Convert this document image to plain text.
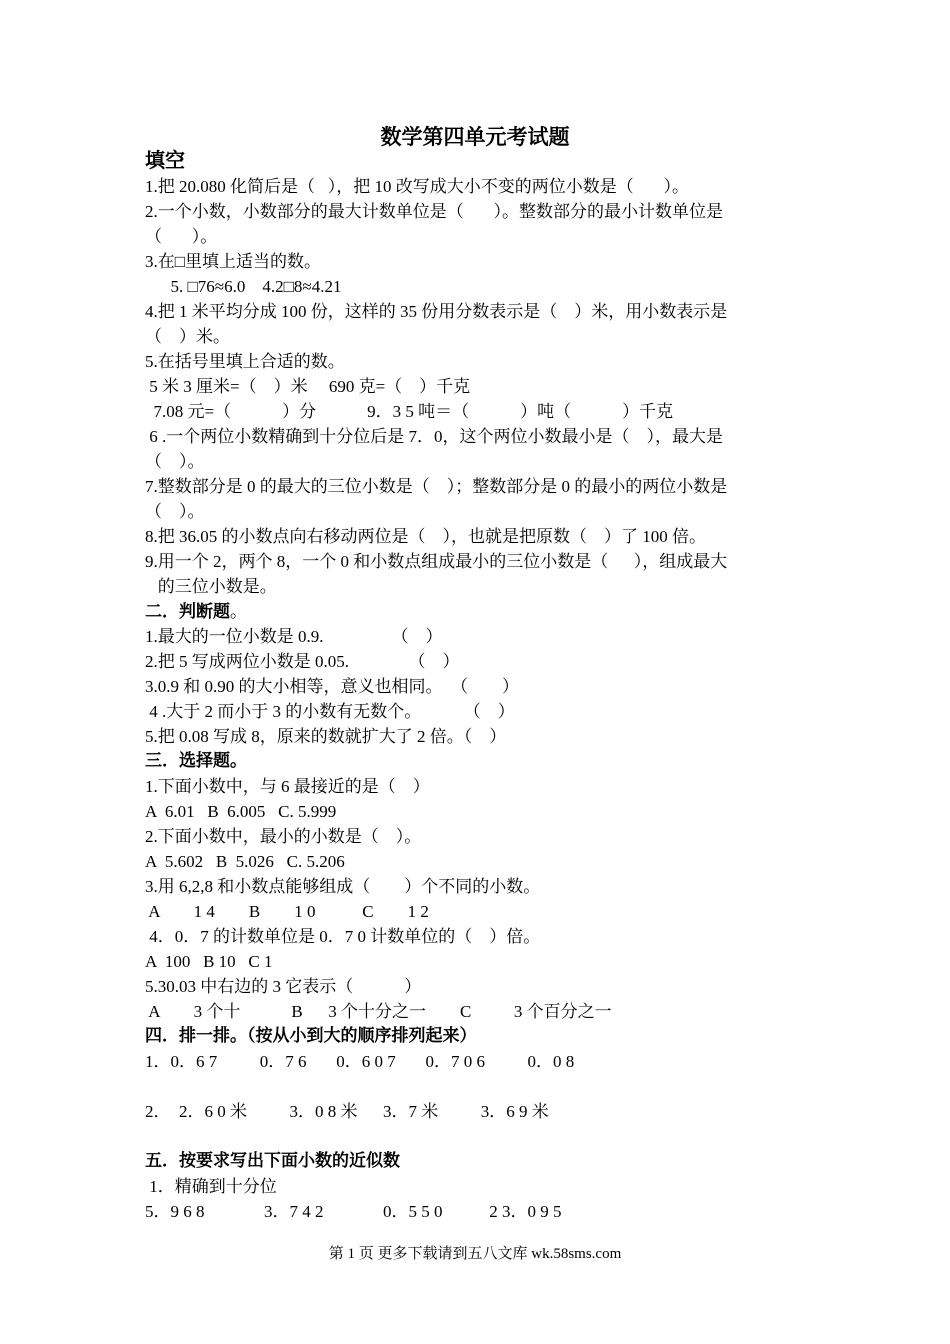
数学第四单元考试题
填空
1.把 20.080 化简后是（   ），把 10 改写成大小不变的两位小数是（       ）。
2.一个小数，小数部分的最大计数单位是（       ）。整数部分的最小计数单位是
（       ）。
3.在□里填上适当的数。
5. □76≈6.0    4.2□8≈4.21
4.把 1 米平均分成 100 份，这样的 35 份用分数表示是（    ）米，用小数表示是
（    ）米。
5.在括号里填上合适的数。
5 米 3 厘米=（    ）米     690 克=（    ）千克
7.08 元=（            ）分            9．3 5 吨＝（            ）吨（            ）千克
6 .一个两位小数精确到十分位后是 7．0，这个两位小数最小是（    ），最大是
（    ）。
7.整数部分是 0 的最大的三位小数是（    ）；整数部分是 0 的最小的两位小数是
（    ）。
8.把 36.05 的小数点向右移动两位是（    ），也就是把原数（    ）了 100 倍。
9.用一个 2，两个 8，一个 0 和小数点组成最小的三位小数是（      ），组成最大
的三位小数是。
二．判断题。
1.最大的一位小数是 0.9.                （    ）
2.把 5 写成两位小数是 0.05.              （    ）
3.0.9 和 0.90 的大小相等，意义也相同。  （        ）
4 .大于 2 而小于 3 的小数有无数个。          （    ）
5.把 0.08 写成 8，原来的数就扩大了 2 倍。（    ）
三．选择题。
1.下面小数中，与 6 最接近的是（    ）
A  6.01   B  6.005   C. 5.999
2.下面小数中，最小的小数是（    ）。
A  5.602   B  5.026   C. 5.206
3.用 6,2,8 和小数点能够组成（        ）个不同的小数。
A        1 4        B        1 0           C        1 2
4．0．7 的计数单位是 0．7 0 计数单位的（    ）倍。
A  100   B 10   C 1
5.30.03 中右边的 3 它表示（            ）
A        3 个十            B      3 个十分之一        C          3 个百分之一
四．排一排。（按从小到大的顺序排列起来）
1．0．6 7          0．7 6       0．6 0 7       0．7 0 6          0．0 8
2．  2．6 0 米          3．0 8 米      3．7 米          3．6 9 米
五．按要求写出下面小数的近似数
1．精确到十分位
5．9 6 8              3．7 4 2              0．5 5 0           2 3．0 9 5
第 1 页 更多下载请到五八文库 wk.58sms.com
